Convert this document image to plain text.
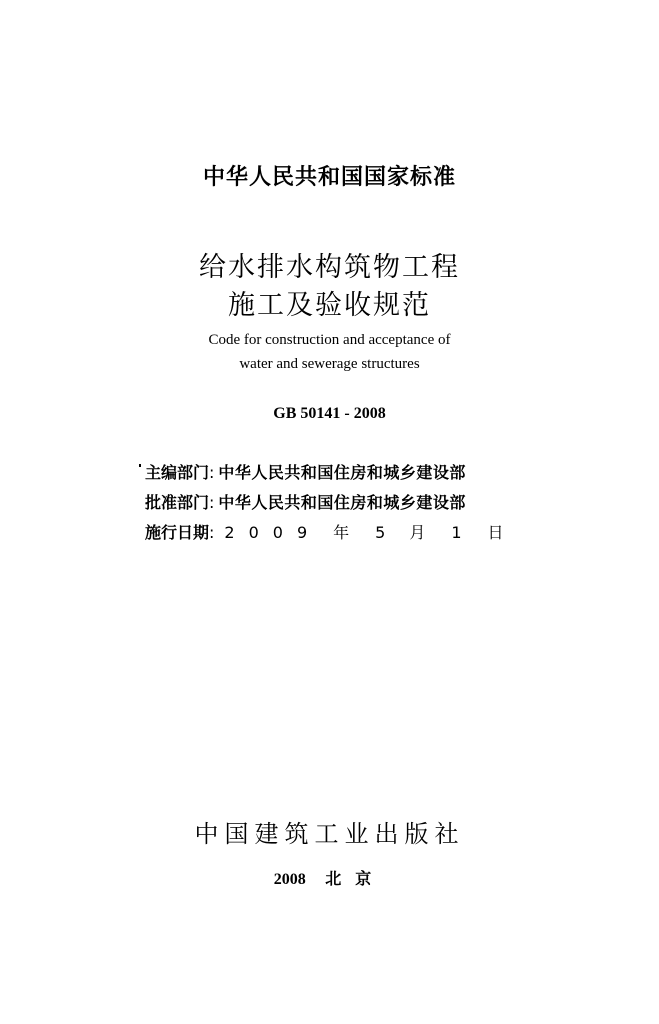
中华人民共和国国家标准
给水排水构筑物工程
施工及验收规范
Code for construction and acceptance of
water and sewerage structures
GB 50141 - 2008
主编部门 : 中华人民共和国住房和城乡建设部
批准部门 : 中华人民共和国住房和城乡建设部
施行日期 : 2009 年 5 月 1 日
中国建筑工业出版社
2008 北京
